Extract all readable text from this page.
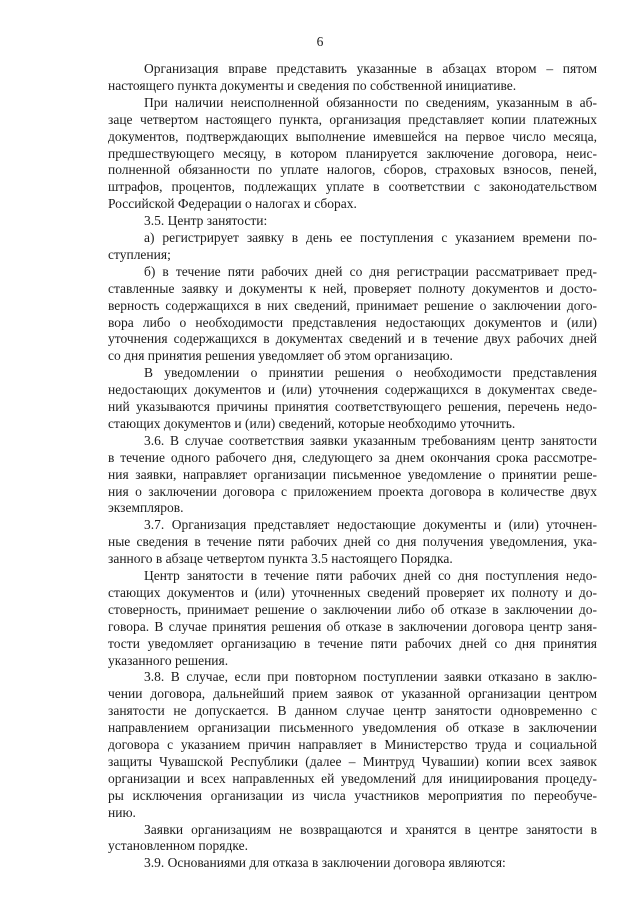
6
Организация вправе представить указанные в абзацах втором – пятом
настоящего пункта документы и сведения по собственной инициативе.
При наличии неисполненной обязанности по сведениям, указанным в аб-
заце четвертом настоящего пункта, организация представляет копии платежных
документов, подтверждающих выполнение имевшейся на первое число месяца,
предшествующего месяцу, в котором планируется заключение договора, неис-
полненной обязанности по уплате налогов, сборов, страховых взносов, пеней,
штрафов, процентов, подлежащих уплате в соответствии с законодательством
Российской Федерации о налогах и сборах.
3.5. Центр занятости:
а) регистрирует заявку в день ее поступления с указанием времени по-
ступления;
б) в течение пяти рабочих дней со дня регистрации рассматривает пред-
ставленные заявку и документы к ней, проверяет полноту документов и досто-
верность содержащихся в них сведений, принимает решение о заключении дого-
вора либо о необходимости представления недостающих документов и (или)
уточнения содержащихся в документах сведений и в течение двух рабочих дней
со дня принятия решения уведомляет об этом организацию.
В уведомлении о принятии решения о необходимости представления
недостающих документов и (или) уточнения содержащихся в документах сведе-
ний указываются причины принятия соответствующего решения, перечень недо-
стающих документов и (или) сведений, которые необходимо уточнить.
3.6. В случае соответствия заявки указанным требованиям центр занятости
в течение одного рабочего дня, следующего за днем окончания срока рассмотре-
ния заявки, направляет организации письменное уведомление о принятии реше-
ния о заключении договора с приложением проекта договора в количестве двух
экземпляров.
3.7. Организация представляет недостающие документы и (или) уточнен-
ные сведения в течение пяти рабочих дней со дня получения уведомления, ука-
занного в абзаце четвертом пункта 3.5 настоящего Порядка.
Центр занятости в течение пяти рабочих дней со дня поступления недо-
стающих документов и (или) уточненных сведений проверяет их полноту и до-
стоверность, принимает решение о заключении либо об отказе в заключении до-
говора. В случае принятия решения об отказе в заключении договора центр заня-
тости уведомляет организацию в течение пяти рабочих дней со дня принятия
указанного решения.
3.8. В случае, если при повторном поступлении заявки отказано в заклю-
чении договора, дальнейший прием заявок от указанной организации центром
занятости не допускается. В данном случае центр занятости одновременно с
направлением организации письменного уведомления об отказе в заключении
договора с указанием причин направляет в Министерство труда и социальной
защиты Чувашской Республики (далее – Минтруд Чувашии) копии всех заявок
организации и всех направленных ей уведомлений для инициирования процеду-
ры исключения организации из числа участников мероприятия по переобуче-
нию.
Заявки организациям не возвращаются и хранятся в центре занятости в
установленном порядке.
3.9. Основаниями для отказа в заключении договора являются:
